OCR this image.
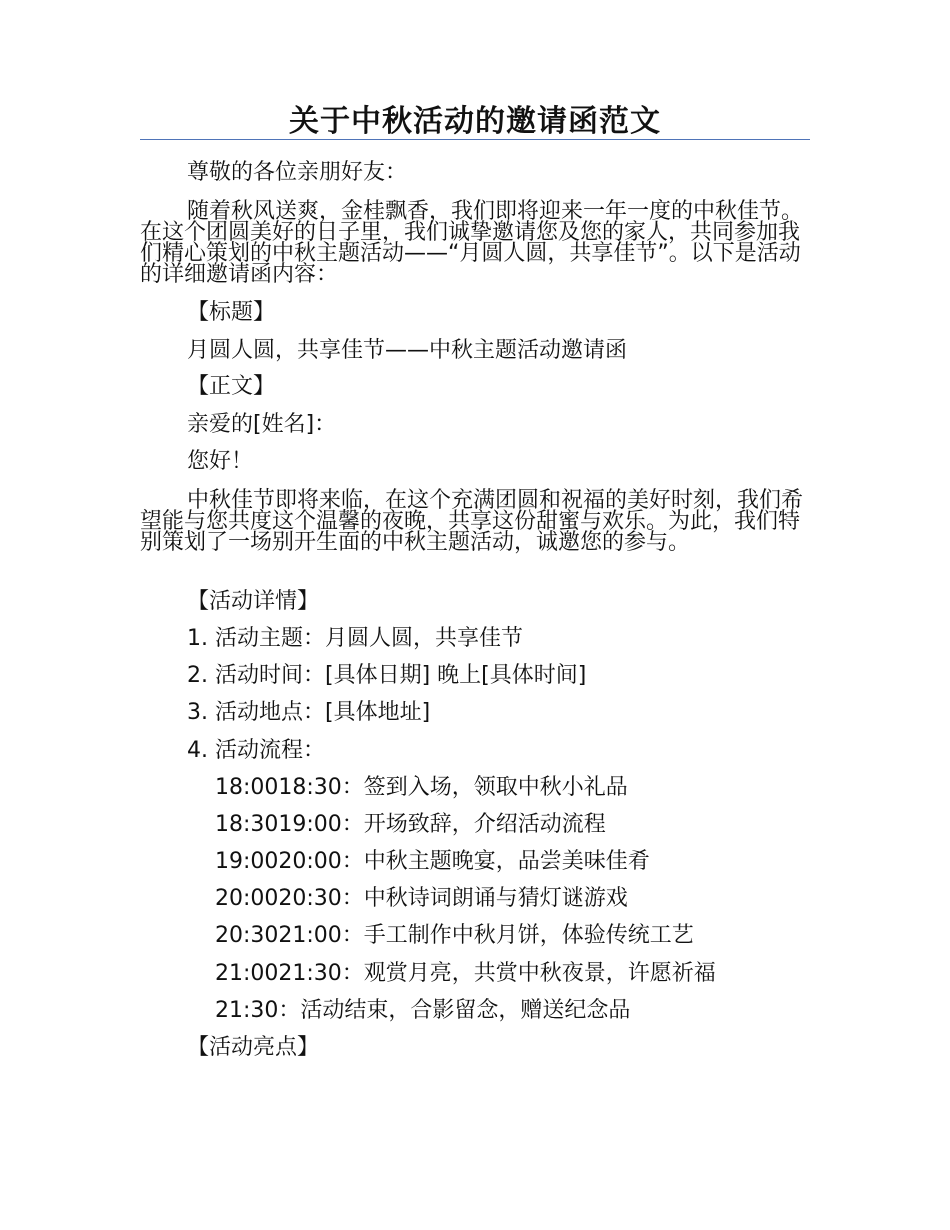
关于中秋活动的邀请函范文
尊敬的各位亲朋好友：
随着秋风送爽，金桂飘香，我们即将迎来一年一度的中秋佳节。在这个团圆美好的日子里，我们诚挚邀请您及您的家人，共同参加我们精心策划的中秋主题活动——“月圆人圆，共享佳节”。以下是活动的详细邀请函内容：
【标题】
月圆人圆，共享佳节——中秋主题活动邀请函
【正文】
亲爱的[姓名]：
您好！
中秋佳节即将来临，在这个充满团圆和祝福的美好时刻，我们希望能与您共度这个温馨的夜晚，共享这份甜蜜与欢乐。为此，我们特别策划了一场别开生面的中秋主题活动，诚邀您的参与。
【活动详情】
1. 活动主题：月圆人圆，共享佳节
2. 活动时间：[具体日期] 晚上[具体时间]
3. 活动地点：[具体地址]
4. 活动流程：
18:0018:30：签到入场，领取中秋小礼品
18:3019:00：开场致辞，介绍活动流程
19:0020:00：中秋主题晚宴，品尝美味佳肴
20:0020:30：中秋诗词朗诵与猜灯谜游戏
20:3021:00：手工制作中秋月饼，体验传统工艺
21:0021:30：观赏月亮，共赏中秋夜景，许愿祈福
21:30：活动结束，合影留念，赠送纪念品
【活动亮点】
